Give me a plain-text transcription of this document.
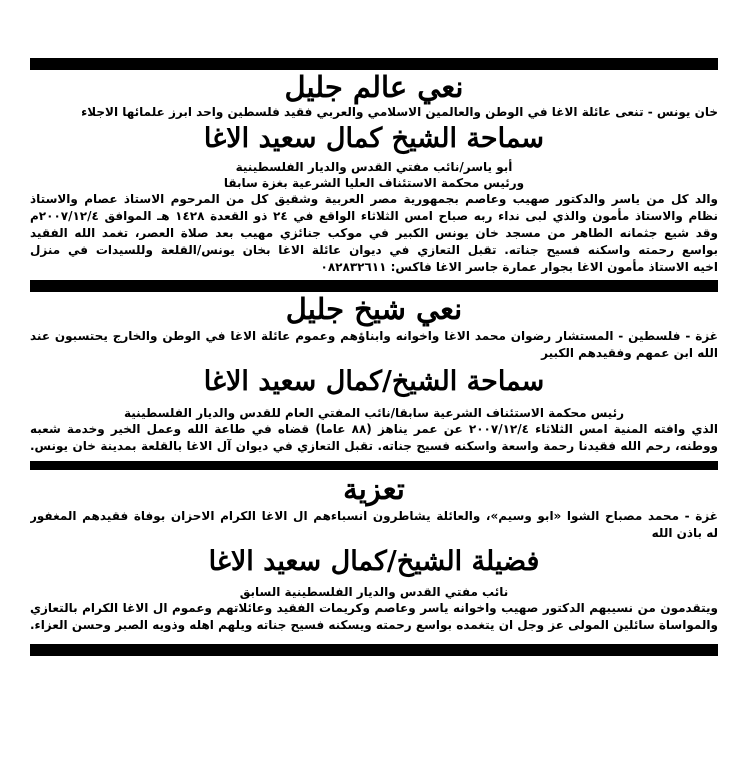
نعي عالم جليل

خان يونس - تنعى عائلة الاغا في الوطن والعالمين الاسلامي والعربي فقيد فلسطين واحد ابرز علمائها الاجلاء

سماحة الشيخ كمال سعيد الاغا

أبو ياسر/نائب مفتي القدس والديار الفلسطينية

ورئيس محكمة الاستئناف العليا الشرعية بغزة سابقا

والد كل من ياسر والدكتور صهيب وعاصم بجمهورية مصر العربية وشقيق كل من المرحوم الاستاذ عصام والاستاذ

نظام والاستاذ مأمون والذي لبى نداء ربه صباح امس الثلاثاء الواقع في ٢٤ ذو القعدة ١٤٢٨ هـ الموافق ٢٠٠٧/١٢/٤م

وقد شيع جثمانه الطاهر من مسجد خان يونس الكبير في موكب جنائزي مهيب بعد صلاة العصر، تغمد الله الفقيد

بواسع رحمته واسكنه فسيح جناته. تقبل التعازي في ديوان عائلة الاغا بخان يونس/القلعة وللسيدات في منزل

اخيه الاستاذ مأمون الاغا بجوار عمارة جاسر الاغا فاكس: ٠٨٢٨٣٢٦١١

نعي شيخ جليل

غزة - فلسطين - المستشار رضوان محمد الاغا واخوانه وابناؤهم وعموم عائلة الاغا في الوطن والخارج يحتسبون عند

الله ابن عمهم وفقيدهم الكبير

سماحة الشيخ/كمال سعيد الاغا

رئيس محكمة الاستئناف الشرعية سابقا/نائب المفتي العام للقدس والديار الفلسطينية

الذي وافته المنية امس الثلاثاء ٢٠٠٧/١٢/٤ عن عمر يناهز (٨٨ عاما) قضاه في طاعة الله وعمل الخير وخدمة شعبه

ووطنه، رحم الله فقيدنا رحمة واسعة واسكنه فسيح جناته. تقبل التعازي في ديوان آل الاغا بالقلعة بمدينة خان يونس.

تعزية

غزة - محمد مصباح الشوا «ابو وسيم»، والعائلة يشاطرون انسباءهم ال الاغا الكرام الاحزان بوفاة فقيدهم المغفور

له باذن الله

فضيلة الشيخ/كمال سعيد الاغا

نائب مفتي القدس والديار الفلسطينية السابق

ويتقدمون من نسيبهم الدكتور صهيب واخوانه ياسر وعاصم وكريمات الفقيد وعائلاتهم وعموم ال الاغا الكرام بالتعازي

والمواساة سائلين المولى عز وجل ان يتغمده بواسع رحمته ويسكنه فسيح جناته ويلهم اهله وذويه الصبر وحسن العزاء.
